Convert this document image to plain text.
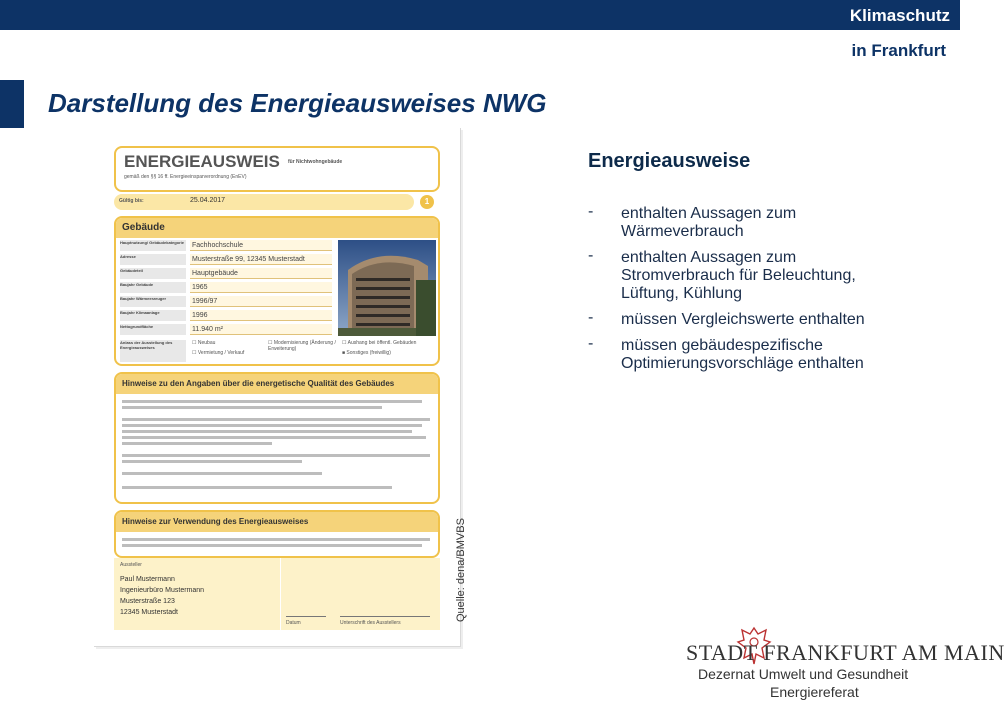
Klimaschutz
in Frankfurt
Darstellung des Energieausweises NWG
ENERGIEAUSWEIS für Nichtwohngebäude
gemäß den §§ 16 ff. Energieeinsparverordnung (EnEV)
Gültig bis:	25.04.2017	1
Gebäude
Hauptnutzung/ Gebäudekategorie Fachhochschule
Adresse	Musterstraße 99, 12345 Musterstadt
Gebäudeteil	Hauptgebäude
Baujahr Gebäude	1965
Baujahr Wärmeerzeuger	1996/97
Baujahr Klimaanlage	1996
Nettogrundfläche	11.940 m²
Anlass der Ausstellung des Energieausweises
☐ Neubau
☐ Vermietung / Verkauf
☐ Modernisierung (Änderung / Erweiterung)
☐ Aushang bei öffentl. Gebäuden
■ Sonstiges (freiwillig)
Hinweise zu den Angaben über die energetische Qualität des Gebäudes
Hinweise zur Verwendung des Energieausweises
Aussteller
Paul Mustermann
Ingenieurbüro Mustermann
Musterstraße 123
12345 Musterstadt
Datum	Unterschrift des Ausstellers
Quelle: dena/BMVBS
Energieausweise
- enthalten Aussagen zum Wärmeverbrauch
- enthalten Aussagen zum Stromverbrauch für Beleuchtung, Lüftung, Kühlung
- müssen Vergleichswerte enthalten
- müssen gebäudespezifische Optimierungsvorschläge enthalten
STADT FRANKFURT AM MAIN
Dezernat Umwelt und Gesundheit
Energiereferat
